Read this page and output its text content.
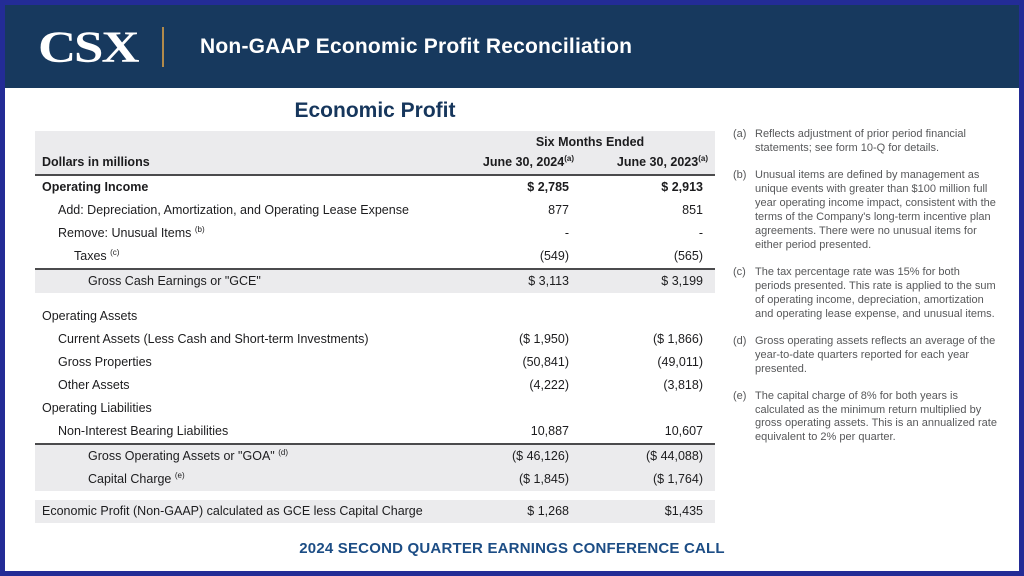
CSX	Non-GAAP Economic Profit Reconciliation
Economic Profit
Six Months Ended
Dollars in millions	June 30, 2024$^{(a)}$	June 30, 2023$^{(a)}$
Operating Income	$ 2,785	$ 2,913
Add: Depreciation, Amortization, and Operating Lease Expense	877	851
Remove: Unusual Items $^{(b)}$	-	-
Taxes $^{(c)}$	(549)	(565)
Gross Cash Earnings or "GCE"	$ 3,113	$ 3,199
Operating Assets
Current Assets (Less Cash and Short-term Investments)	($ 1,950)	($ 1,866)
Gross Properties	(50,841)	(49,011)
Other Assets	(4,222)	(3,818)
Operating Liabilities
Non-Interest Bearing Liabilities	10,887	10,607
Gross Operating Assets or "GOA" $^{(d)}$	($ 46,126)	($ 44,088)
Capital Charge $^{(e)}$	($ 1,845)	($ 1,764)
Economic Profit (Non-GAAP) calculated as GCE less Capital Charge	$ 1,268	$1,435
(a) Reflects adjustment of prior period financial statements; see form 10-Q for details.
(b) Unusual items are defined by management as unique events with greater than $100 million full year operating income impact, consistent with the terms of the Company's long-term incentive plan agreements. There were no unusual items for either period presented.
(c) The tax percentage rate was 15% for both periods presented. This rate is applied to the sum of operating income, depreciation, amortization and operating lease expense, and unusual items.
(d) Gross operating assets reflects an average of the year-to-date quarters reported for each year presented.
(e) The capital charge of 8% for both years is calculated as the minimum return multiplied by gross operating assets. This is an annualized rate equivalent to 2% per quarter.
2024 SECOND QUARTER EARNINGS CONFERENCE CALL
